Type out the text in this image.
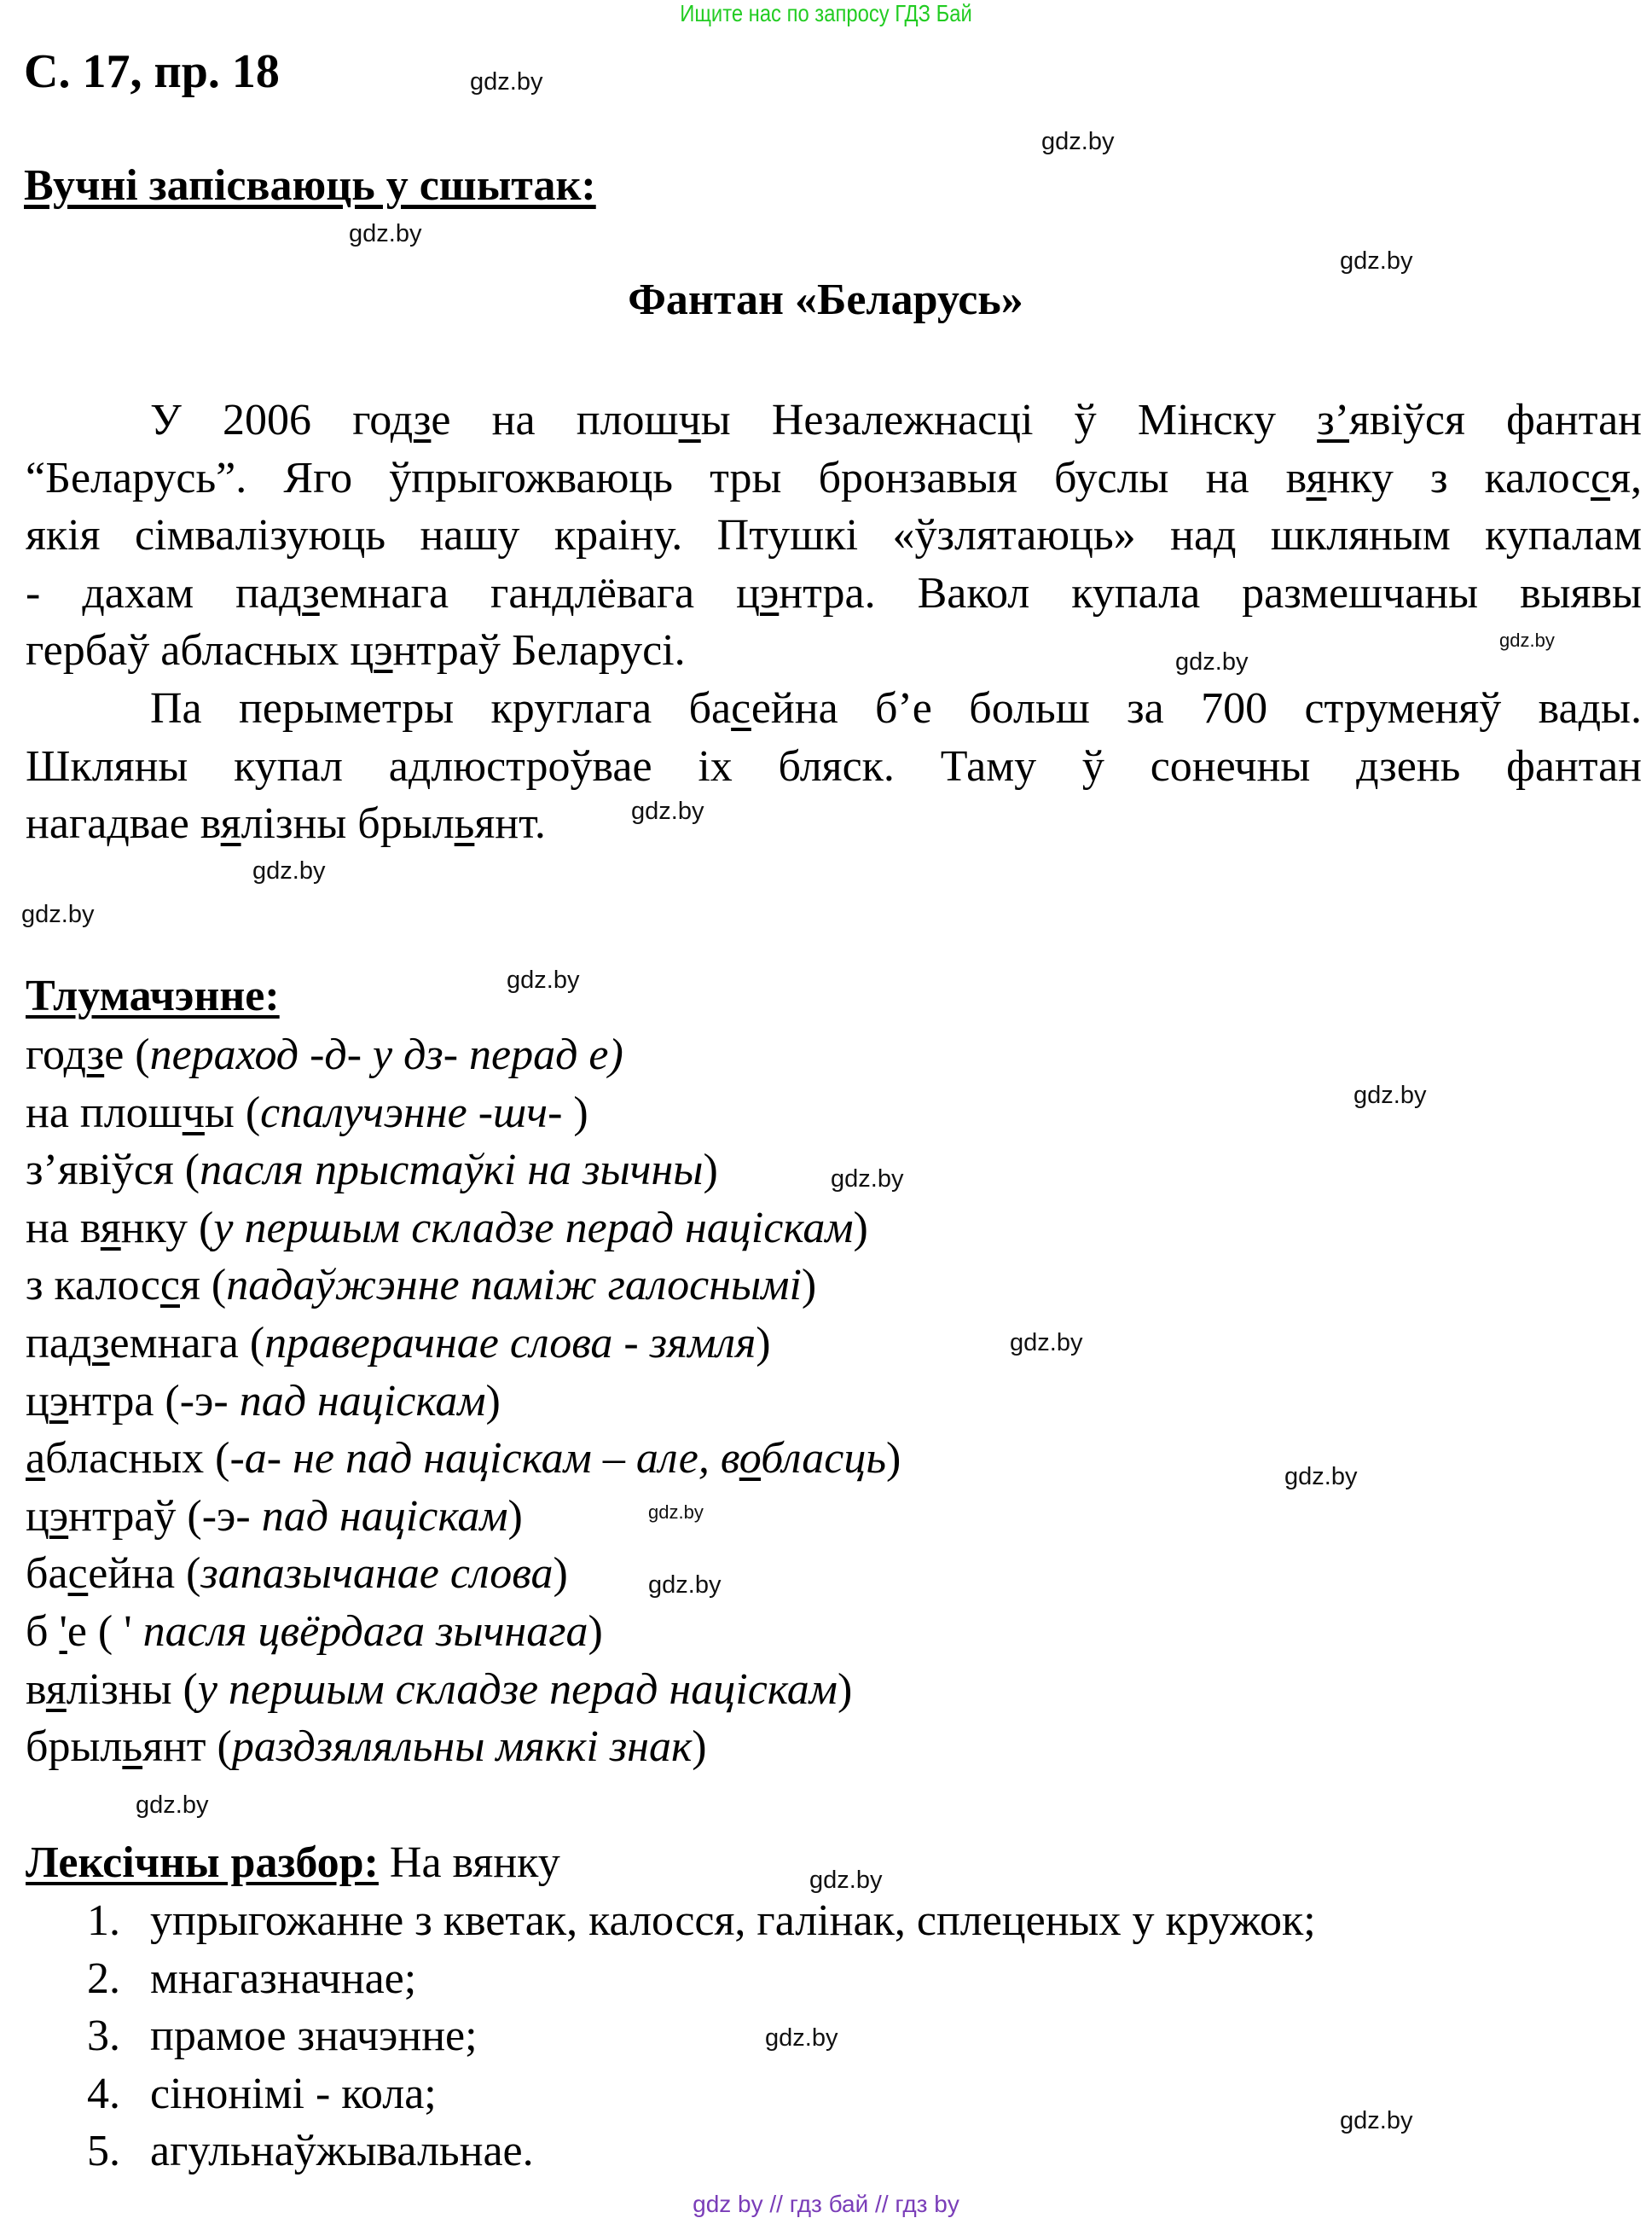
Ищите нас по запросу ГДЗ Бай
С. 17, пр. 18
Вучні запісваюць у сшытак:
Фантан «Беларусь»
У 2006 годзе на плошчы Незалежнасці ў Мінску з’явіўся фантан
“Беларусь”. Яго ўпрыгожваюць тры бронзавыя буслы на вянку з калосся,
якія сімвалізуюць нашу краіну. Птушкі «ўзлятаюць» над шкляным купалам
- дахам падземнага гандлёвага цэнтра. Вакол купала размешчаны выявы
гербаў абласных цэнтраў Беларусі.
Па перыметры круглага басейна б’е больш за 700 струменяў вады.
Шкляны купал адлюстроўвае іх бляск. Таму ў сонечны дзень фантан
нагадвае вялізны брыльянт.
Тлумачэнне:
годзе (пераход -д- у дз- перад е)
на плошчы (спалучэнне -шч- )
з’явіўся (пасля прыстаўкі на зычны)
на вянку (у першым складзе перад націскам)
з калосся (падаўжэнне паміж галоснымі)
падземнага (праверачнае слова - зямля)
цэнтра (-э- пад націскам)
абласных (-а- не пад націскам – але, вобласць)
цэнтраў (-э- пад націскам)
басейна (запазычанае слова)
б 'е ( ' пасля цвёрдага зычнага)
вялізны (у першым складзе перад націскам)
брыльянт (раздзяляльны мяккі знак)
Лексічны разбор: На вянку
1. упрыгожанне з кветак, калосся, галінак, сплеценых у кружок;
2. мнагазначнае;
3. прамое значэнне;
4. сінонімі - кола;
5. агульнаўжывальнае.
gdz.by
gdz.by
gdz.by
gdz.by
gdz.by
gdz.by
gdz.by
gdz.by
gdz.by
gdz.by
gdz.by
gdz.by
gdz.by
gdz.by
gdz.by
gdz.by
gdz.by
gdz.by
gdz.by
gdz.by
gdz by // гдз бай // гдз by
